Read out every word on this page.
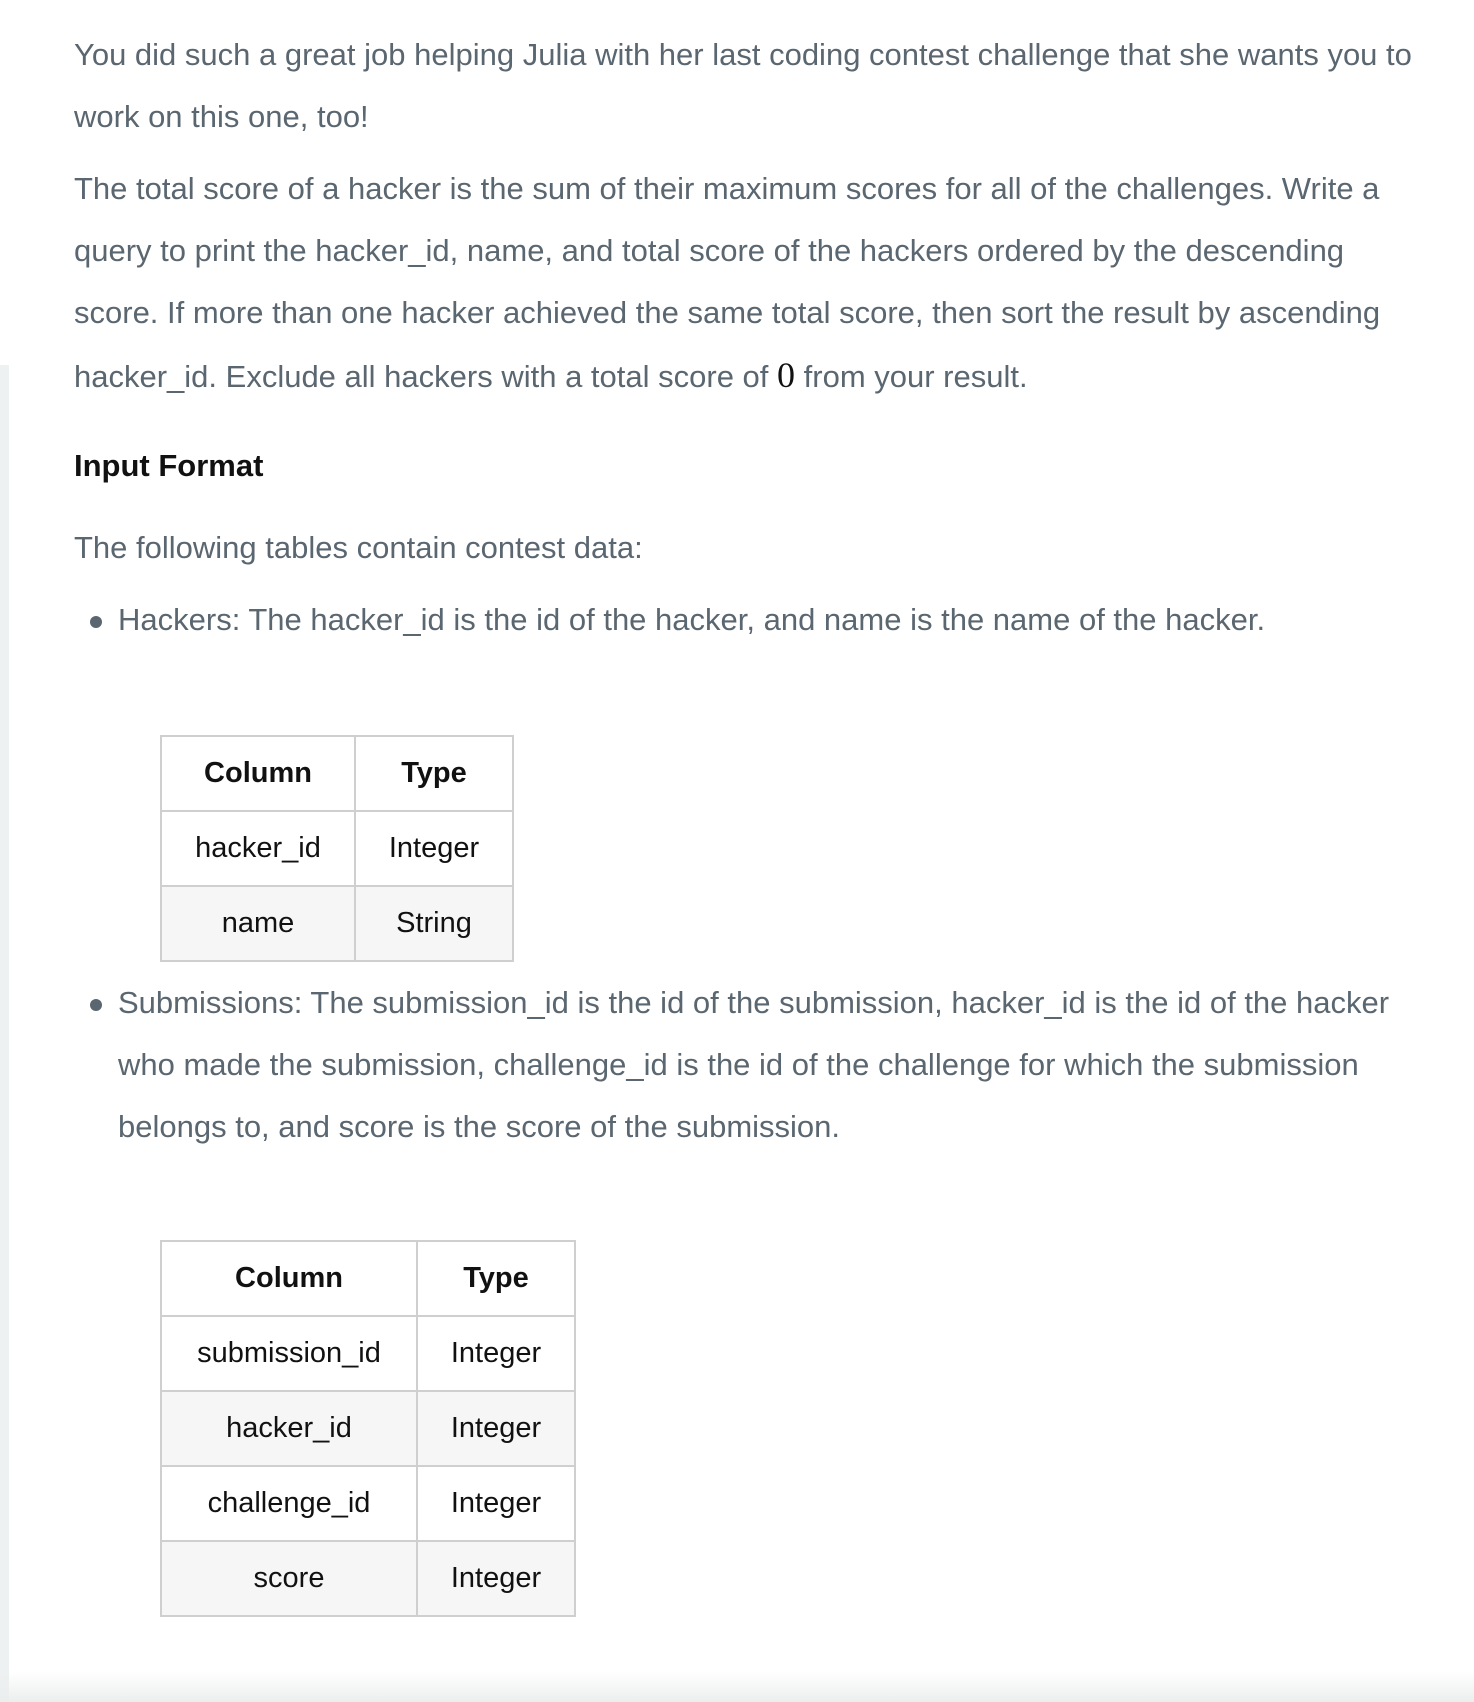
You did such a great job helping Julia with her last coding contest challenge that she wants you to work on this one, too!

The total score of a hacker is the sum of their maximum scores for all of the challenges. Write a query to print the hacker_id, name, and total score of the hackers ordered by the descending score. If more than one hacker achieved the same total score, then sort the result by ascending hacker_id. Exclude all hackers with a total score of 0 from your result.

Input Format

The following tables contain contest data:

Hackers: The hacker_id is the id of the hacker, and name is the name of the hacker.
Column	Type
hacker_id	Integer
name	String
Submissions: The submission_id is the id of the submission, hacker_id is the id of the hacker who made the submission, challenge_id is the id of the challenge for which the submission belongs to, and score is the score of the submission.
Column	Type
submission_id	Integer
hacker_id	Integer
challenge_id	Integer
score	Integer
